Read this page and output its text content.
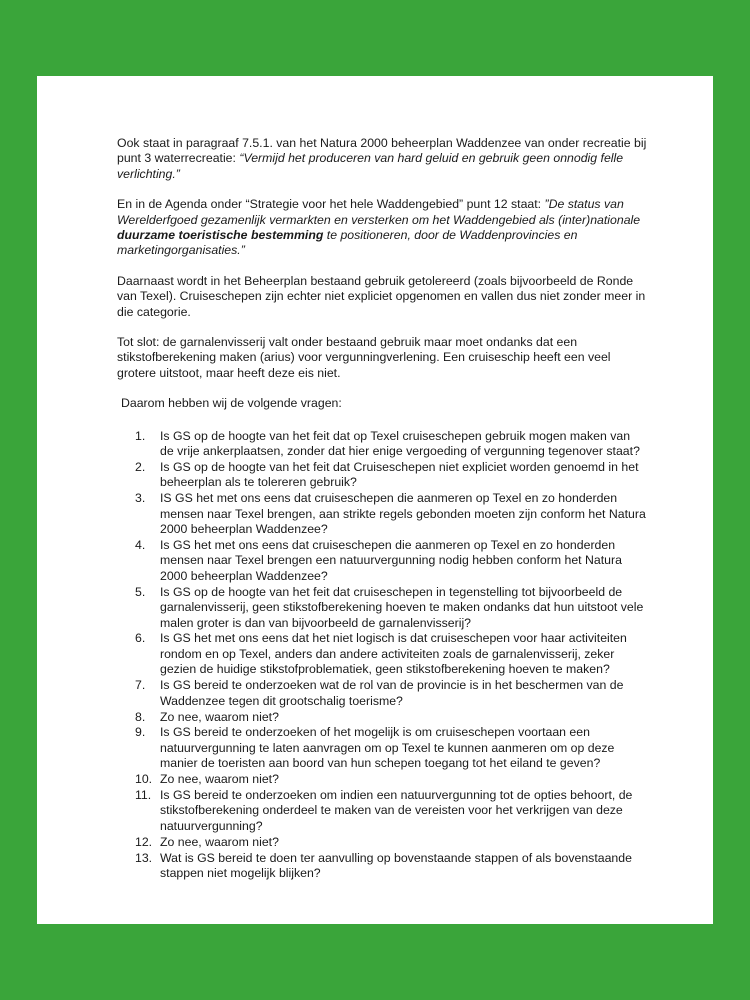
Ook staat in paragraaf 7.5.1. van het Natura 2000 beheerplan Waddenzee van onder recreatie bij punt 3 waterrecreatie: “Vermijd het produceren van hard geluid en gebruik geen onnodig felle verlichting.”

En in de Agenda onder “Strategie voor het hele Waddengebied” punt 12 staat: ”De status van Werelderfgoed gezamenlijk vermarkten en versterken om het Waddengebied als (inter)nationale duurzame toeristische bestemming te positioneren, door de Waddenprovincies en marketingorganisaties.”

Daarnaast wordt in het Beheerplan bestaand gebruik getolereerd (zoals bijvoorbeeld de Ronde van Texel). Cruiseschepen zijn echter niet expliciet opgenomen en vallen dus niet zonder meer in die categorie.

Tot slot: de garnalenvisserij valt onder bestaand gebruik maar moet ondanks dat een stikstofberekening maken (arius) voor vergunningverlening. Een cruiseschip heeft een veel grotere uitstoot, maar heeft deze eis niet.

Daarom hebben wij de volgende vragen:

1. Is GS op de hoogte van het feit dat op Texel cruiseschepen gebruik mogen maken van de vrije ankerplaatsen, zonder dat hier enige vergoeding of vergunning tegenover staat?
2. Is GS op de hoogte van het feit dat Cruiseschepen niet expliciet worden genoemd in het beheerplan als te tolereren gebruik?
3. IS GS het met ons eens dat cruiseschepen die aanmeren op Texel en zo honderden mensen naar Texel brengen, aan strikte regels gebonden moeten zijn conform het Natura 2000 beheerplan Waddenzee?
4. Is GS het met ons eens dat cruiseschepen die aanmeren op Texel en zo honderden mensen naar Texel brengen een natuurvergunning nodig hebben conform het Natura 2000 beheerplan Waddenzee?
5. Is GS op de hoogte van het feit dat cruiseschepen in tegenstelling tot bijvoorbeeld de garnalenvisserij, geen stikstofberekening hoeven te maken ondanks dat hun uitstoot vele malen groter is dan van bijvoorbeeld de garnalenvisserij?
6. Is GS het met ons eens dat het niet logisch is dat cruiseschepen voor haar activiteiten rondom en op Texel, anders dan andere activiteiten zoals de garnalenvisserij, zeker gezien de huidige stikstofproblematiek, geen stikstofberekening hoeven te maken?
7. Is GS bereid te onderzoeken wat de rol van de provincie is in het beschermen van de Waddenzee tegen dit grootschalig toerisme?
8. Zo nee, waarom niet?
9. Is GS bereid te onderzoeken of het mogelijk is om cruiseschepen voortaan een natuurvergunning te laten aanvragen om op Texel te kunnen aanmeren om op deze manier de toeristen aan boord van hun schepen toegang tot het eiland te geven?
10. Zo nee, waarom niet?
11. Is GS bereid te onderzoeken om indien een natuurvergunning tot de opties behoort, de stikstofberekening onderdeel te maken van de vereisten voor het verkrijgen van deze natuurvergunning?
12. Zo nee, waarom niet?
13. Wat is GS bereid te doen ter aanvulling op bovenstaande stappen of als bovenstaande stappen niet mogelijk blijken?
